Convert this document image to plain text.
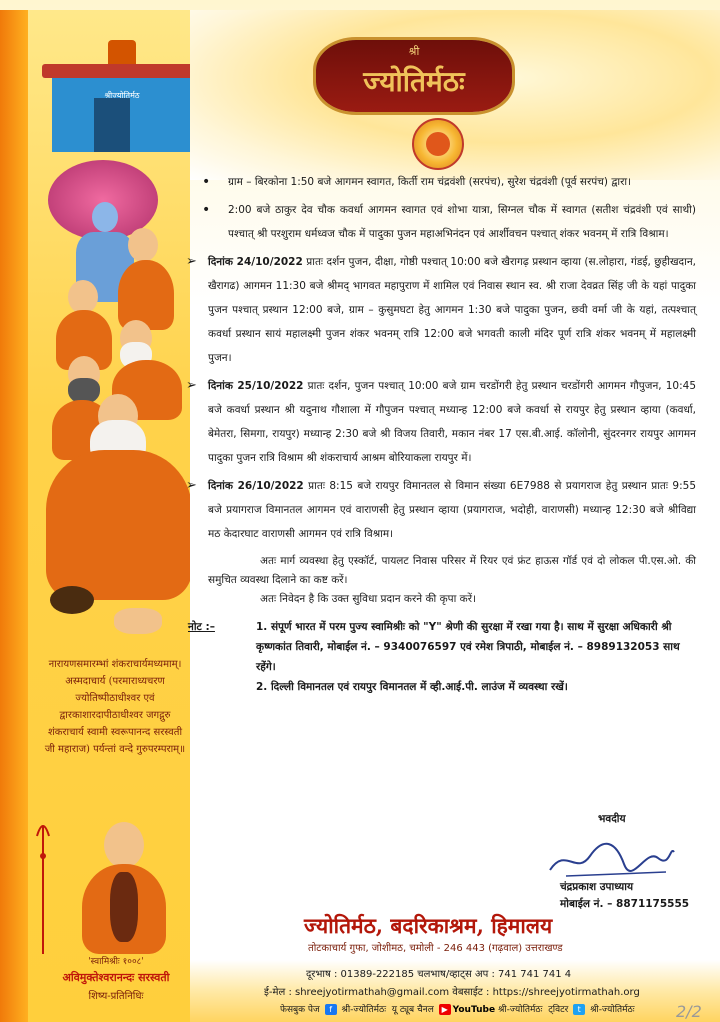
श्रीज्योतिर्मठ
नारायणसमारम्भां शंकराचार्यमध्यमाम्। अस्मदाचार्य (परमाराध्यचरण ज्योतिष्पीठाधीश्वर एवं द्वारकाशारदापीठाधीश्वर जगद्गुरु शंकराचार्य स्वामी स्वरूपानन्द सरस्वती जी महाराज) पर्यन्तां वन्दे गुरुपरम्पराम्॥
'स्वामिश्रीः १००८'
अविमुक्तेश्वरानन्दः सरस्वती
शिष्य-प्रतिनिधिः
श्री
ज्योतिर्मठः
• ग्राम – बिरकोना 1:50 बजे आगमन स्वागत, किर्ती राम चंद्रवंशी (सरपंच), सुरेश चंद्रवंशी (पूर्व सरपंच) द्वारा।
• 2:00 बजे ठाकुर देव चौक कवर्धा आगमन स्वागत एवं शोभा यात्रा, सिग्नल चौक में स्वागत (सतीश चंद्रवंशी एवं साथी) पश्चात् श्री परशुराम धर्मध्वज चौक में पादुका पुजन महाअभिनंदन एवं आर्शीवचन पश्चात् शंकर भवनम् में रात्रि विश्राम।
➢ दिनांक 24/10/2022 प्रातः दर्शन पुजन, दीक्षा, गोष्ठी पश्चात् 10:00 बजे खैरागढ़ प्रस्थान व्हाया (स.लोहारा, गंडई, छुहीखदान, खैरागढ) आगमन 11:30 बजे श्रीमद् भागवत महापुराण में शामिल एवं निवास स्थान स्व. श्री राजा देवव्रत सिंह जी के यहां पादुका पुजन पश्चात् प्रस्थान 12:00 बजे, ग्राम – कुसुमघटा हेतु आगमन 1:30 बजे पादुका पुजन, छवी वर्मा जी के यहां, तत्पश्चात् कवर्धा प्रस्थान सायं महालक्ष्मी पुजन शंकर भवनम् रात्रि 12:00 बजे भगवती काली मंदिर पूर्ण रात्रि शंकर भवनम् में महालक्ष्मी पुजन।
➢ दिनांक 25/10/2022 प्रातः दर्शन, पुजन पश्चात् 10:00 बजे ग्राम चरडोंगरी हेतु प्रस्थान चरडोंगरी आगमन गौपुजन, 10:45 बजे कवर्धा प्रस्थान श्री यदुनाथ गौशाला में गौपुजन पश्चात् मध्यान्ह 12:00 बजे कवर्धा से रायपुर हेतु प्रस्थान व्हाया (कवर्धा, बेमेतरा, सिमगा, रायपुर) मध्यान्ह 2:30 बजे श्री विजय तिवारी, मकान नंबर 17 एस.बी.आई. कॉलोनी, सुंदरनगर रायपुर आगमन पादुका पुजन रात्रि विश्राम श्री शंकराचार्य आश्रम बोरियाकला रायपुर में।
➢ दिनांक 26/10/2022 प्रातः 8:15 बजे रायपुर विमानतल से विमान संख्या 6E7988 से प्रयागराज हेतु प्रस्थान प्रातः 9:55 बजे प्रयागराज विमानतल आगमन एवं वाराणसी हेतु प्रस्थान व्हाया (प्रयागराज, भदोही, वाराणसी) मध्यान्ह 12:30 बजे श्रीविद्या मठ केदारघाट वाराणसी आगमन एवं रात्रि विश्राम।
अतः मार्ग व्यवस्था हेतु एस्कॉर्ट, पायलट निवास परिसर में रियर एवं फ्रंट हाऊस गॉर्ड एवं दो लोकल पी.एस.ओ. की समुचित व्यवस्था दिलाने का कष्ट करें।
अतः निवेदन है कि उक्त सुविधा प्रदान करने की कृपा करें।
नोट :–	1. संपूर्ण भारत में परम पुज्य स्वामिश्रीः को "Y" श्रेणी की सुरक्षा में रखा गया है। साथ में सुरक्षा अधिकारी श्री कृष्णकांत तिवारी, मोबाईल नं. – 9340076597 एवं रमेश त्रिपाठी, मोबाईल नं. – 8989132053 साथ रहेंगे।
2. दिल्ली विमानतल एवं रायपुर विमानतल में व्ही.आई.पी. लाउंज में व्यवस्था रखें।
भवदीय
चंद्रप्रकाश उपाध्याय
मोबाईल नं. – 8871175555
ज्योतिर्मठ, बदरिकाश्रम, हिमालय
तोटकाचार्य गुफा, जोशीमठ, चमोली - 246 443 (गढ़वाल) उत्तराखण्ड
दूरभाष : 01389-222185 चलभाष/व्हाट्स अप : 741 741 741 4
ई-मेल : shreejyotirmathah@gmail.com वेबसाईट : https://shreejyotirmathah.org
फेसबुक पेज f श्री-ज्योतिर्मठः यू ट्यूब चैनल ▶ YouTube श्री-ज्योतिर्मठः ट्विटर t श्री-ज्योतिर्मठः	2/2
